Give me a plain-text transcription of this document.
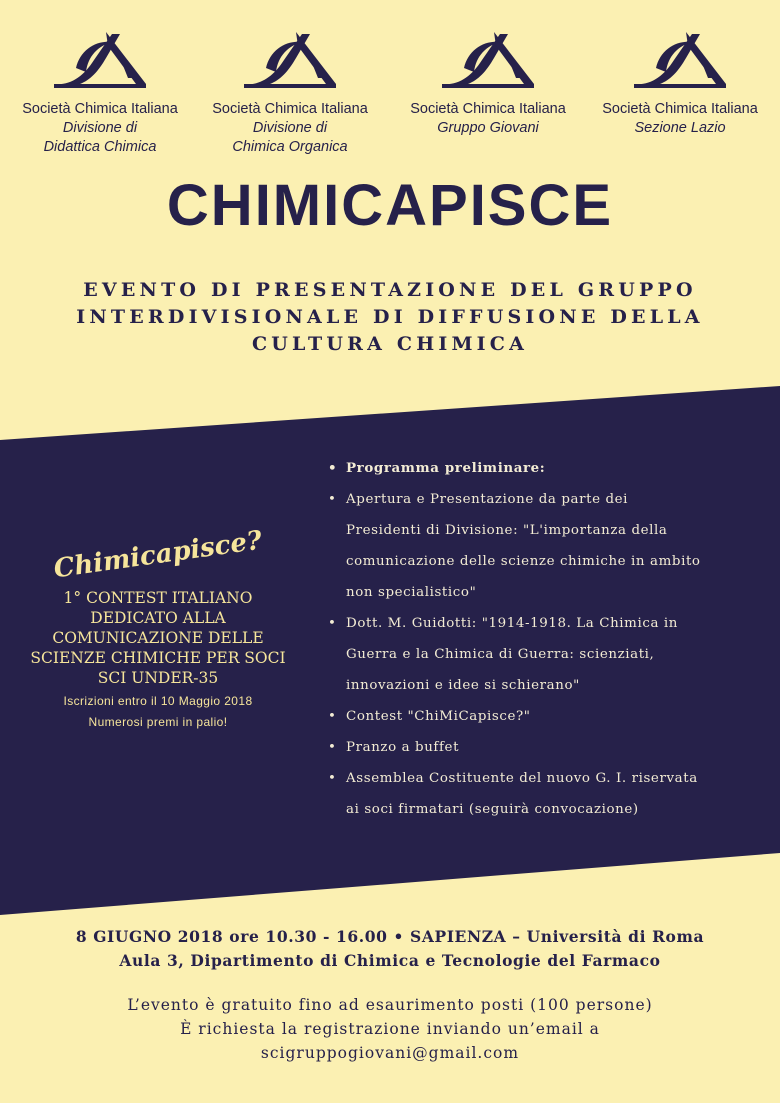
Società Chimica Italiana
Divisione di Didattica Chimica
Società Chimica Italiana
Divisione di Chimica Organica
Società Chimica Italiana
Gruppo Giovani
Società Chimica Italiana
Sezione Lazio
CHIMICAPISCE
EVENTO DI PRESENTAZIONE DEL GRUPPO
INTERDIVISIONALE DI DIFFUSIONE DELLA
CULTURA CHIMICA
Chimicapisce?
1° CONTEST ITALIANO
DEDICATO ALLA
COMUNICAZIONE DELLE
SCIENZE CHIMICHE PER SOCI
SCI UNDER-35
Iscrizioni entro il 10 Maggio 2018
Numerosi premi in palio!
• Programma preliminare:
• Apertura e Presentazione da parte dei
Presidenti di Divisione: "L'importanza della
comunicazione delle scienze chimiche in ambito
non specialistico"
• Dott. M. Guidotti: "1914-1918. La Chimica in
Guerra e la Chimica di Guerra: scienziati,
innovazioni e idee si schierano"
• Contest "ChiMiCapisce?"
• Pranzo a buffet
• Assemblea Costituente del nuovo G. I. riservata
ai soci firmatari (seguirà convocazione)
8 GIUGNO 2018 ore 10.30 - 16.00 • SAPIENZA – Università di Roma
Aula 3, Dipartimento di Chimica e Tecnologie del Farmaco
L’evento è gratuito fino ad esaurimento posti (100 persone)
È richiesta la registrazione inviando un’email a
scigruppogiovani@gmail.com
